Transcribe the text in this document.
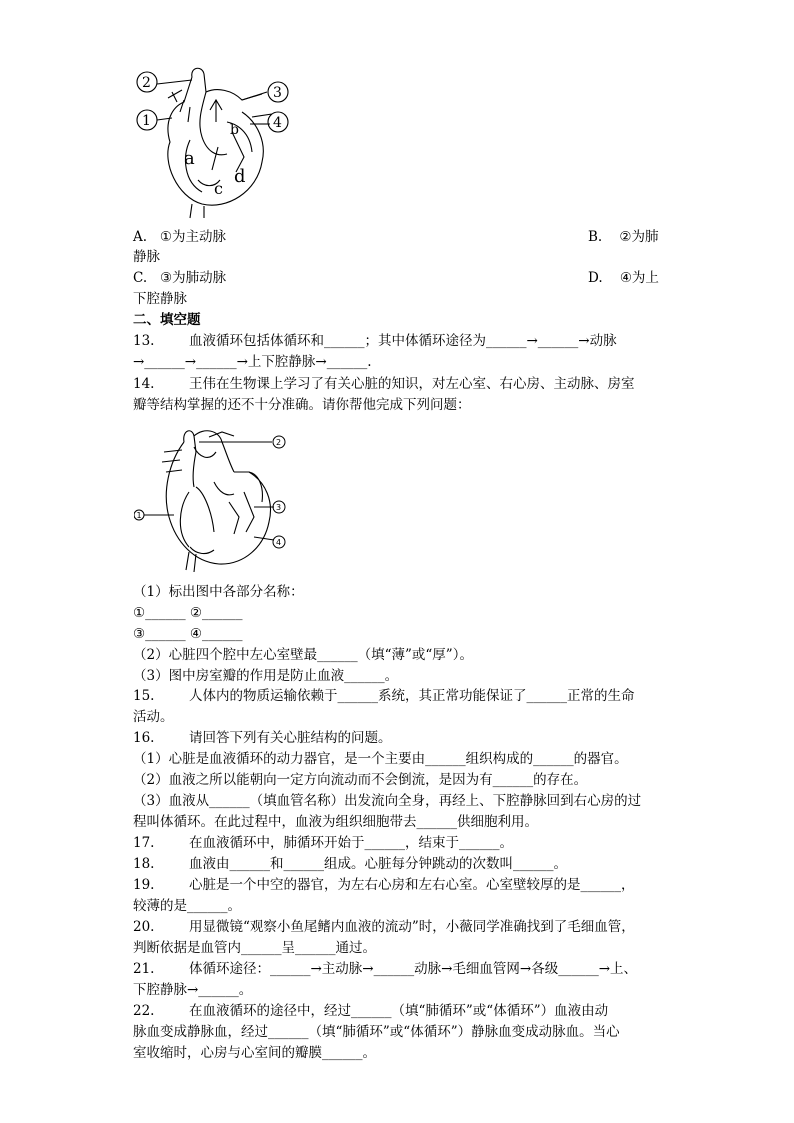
2
1
3
4
a
b
c
d
A. ①为主动脉	B. ②为肺
静脉
C. ③为肺动脉	D. ④为上
下腔静脉
二、填空题
13.	血液循环包括体循环和______；其中体循环途径为______→______→动脉
→______→______→上下腔静脉→______.
14.	王伟在生物课上学习了有关心脏的知识，对左心室、右心房、主动脉、房室
瓣等结构掌握的还不十分准确。请你帮他完成下列问题：
2
3
1
4
（1）标出图中各部分名称：
①______ ②______
③______ ④______
（2）心脏四个腔中左心室壁最______（填“薄”或“厚”）。
（3）图中房室瓣的作用是防止血液______。
15.	人体内的物质运输依赖于______系统，其正常功能保证了______正常的生命
活动。
16.	请回答下列有关心脏结构的问题。
（1）心脏是血液循环的动力器官，是一个主要由______组织构成的______的器官。
（2）血液之所以能朝向一定方向流动而不会倒流，是因为有______的存在。
（3）血液从______（填血管名称）出发流向全身，再经上、下腔静脉回到右心房的过
程叫体循环。在此过程中，血液为组织细胞带去______供细胞利用。
17.	在血液循环中，肺循环开始于______，结束于______。
18.	血液由______和______组成。心脏每分钟跳动的次数叫______。
19.	心脏是一个中空的器官，为左右心房和左右心室。心室壁较厚的是______，
较薄的是______。
20.	用显微镜“观察小鱼尾鳍内血液的流动”时，小薇同学准确找到了毛细血管，
判断依据是血管内______呈______通过。
21.	体循环途径：______→主动脉→______动脉→毛细血管网→各级______→上、
下腔静脉→______。
22.	在血液循环的途径中，经过______（填“肺循环”或“体循环”）血液由动
脉血变成静脉血，经过______（填“肺循环”或“体循环”）静脉血变成动脉血。当心
室收缩时，心房与心室间的瓣膜______。
